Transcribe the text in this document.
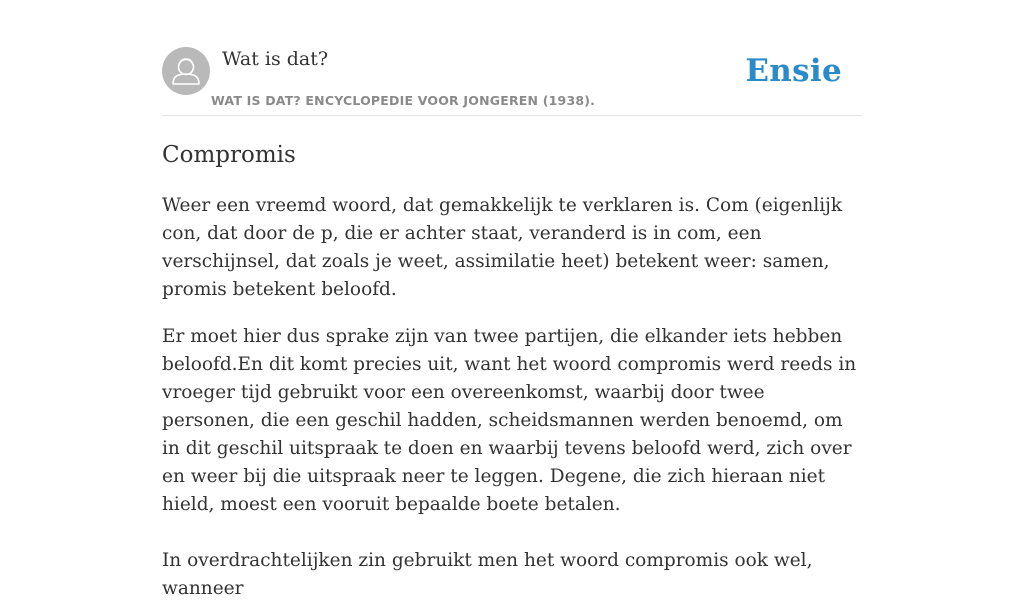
Wat is dat?
WAT IS DAT? ENCYCLOPEDIE VOOR JONGEREN (1938).
Ensie
Compromis

Weer een vreemd woord, dat gemakkelijk te verklaren is. Com (eigenlijk con, dat door de p, die er achter staat, veranderd is in com, een verschijnsel, dat zoals je weet, assimilatie heet) betekent weer: samen, promis betekent beloofd.

Er moet hier dus sprake zijn van twee partijen, die elkander iets hebben beloofd.En dit komt precies uit, want het woord compromis werd reeds in vroeger tijd gebruikt voor een overeenkomst, waarbij door twee personen, die een geschil hadden, scheidsmannen werden benoemd, om in dit geschil uitspraak te doen en waarbij tevens beloofd werd, zich over en weer bij die uitspraak neer te leggen. Degene, die zich hieraan niet hield, moest een vooruit bepaalde boete betalen.

In overdrachtelijken zin gebruikt men het woord compromis ook wel, wanneer
